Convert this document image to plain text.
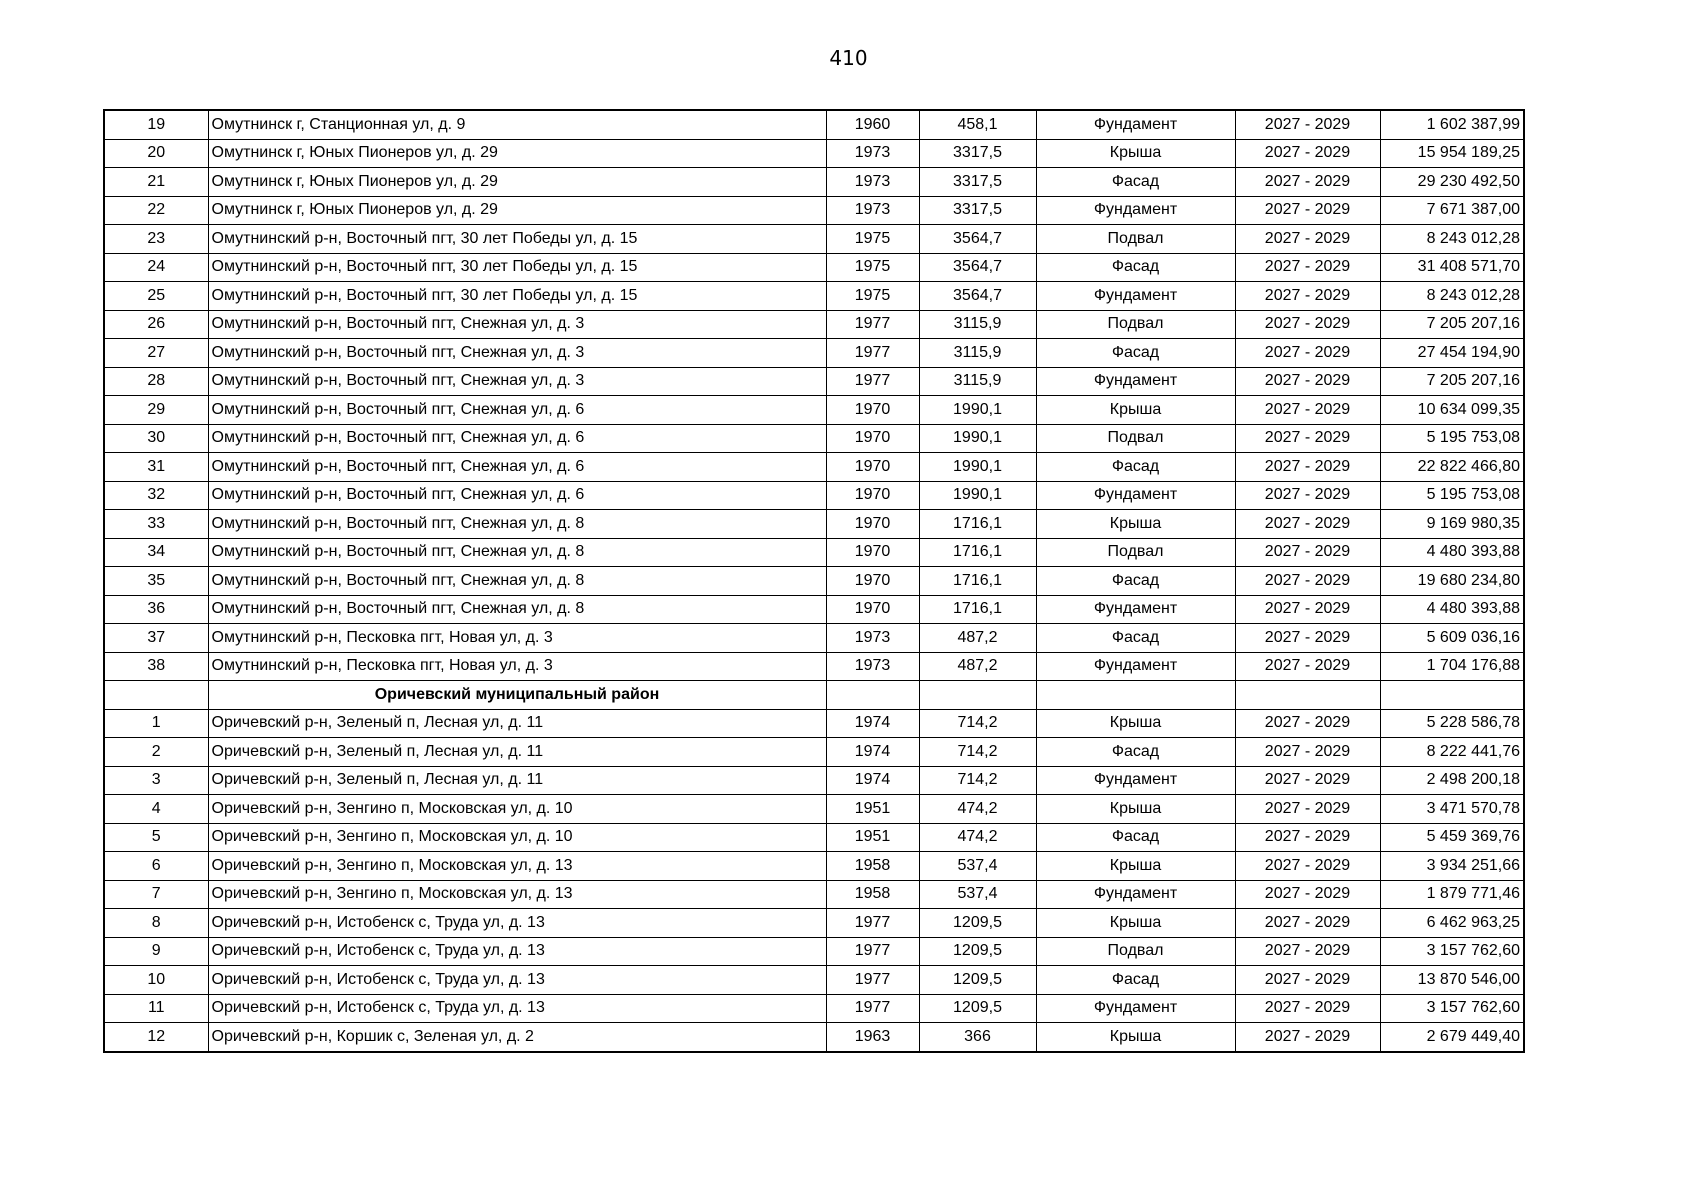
410
19	Омутнинск г, Станционная ул, д. 9	1960	458,1	Фундамент	2027 - 2029	1 602 387,99
20	Омутнинск г, Юных Пионеров ул, д. 29	1973	3317,5	Крыша	2027 - 2029	15 954 189,25
21	Омутнинск г, Юных Пионеров ул, д. 29	1973	3317,5	Фасад	2027 - 2029	29 230 492,50
22	Омутнинск г, Юных Пионеров ул, д. 29	1973	3317,5	Фундамент	2027 - 2029	7 671 387,00
23	Омутнинский р-н, Восточный пгт, 30 лет Победы ул, д. 15	1975	3564,7	Подвал	2027 - 2029	8 243 012,28
24	Омутнинский р-н, Восточный пгт, 30 лет Победы ул, д. 15	1975	3564,7	Фасад	2027 - 2029	31 408 571,70
25	Омутнинский р-н, Восточный пгт, 30 лет Победы ул, д. 15	1975	3564,7	Фундамент	2027 - 2029	8 243 012,28
26	Омутнинский р-н, Восточный пгт, Снежная ул, д. 3	1977	3115,9	Подвал	2027 - 2029	7 205 207,16
27	Омутнинский р-н, Восточный пгт, Снежная ул, д. 3	1977	3115,9	Фасад	2027 - 2029	27 454 194,90
28	Омутнинский р-н, Восточный пгт, Снежная ул, д. 3	1977	3115,9	Фундамент	2027 - 2029	7 205 207,16
29	Омутнинский р-н, Восточный пгт, Снежная ул, д. 6	1970	1990,1	Крыша	2027 - 2029	10 634 099,35
30	Омутнинский р-н, Восточный пгт, Снежная ул, д. 6	1970	1990,1	Подвал	2027 - 2029	5 195 753,08
31	Омутнинский р-н, Восточный пгт, Снежная ул, д. 6	1970	1990,1	Фасад	2027 - 2029	22 822 466,80
32	Омутнинский р-н, Восточный пгт, Снежная ул, д. 6	1970	1990,1	Фундамент	2027 - 2029	5 195 753,08
33	Омутнинский р-н, Восточный пгт, Снежная ул, д. 8	1970	1716,1	Крыша	2027 - 2029	9 169 980,35
34	Омутнинский р-н, Восточный пгт, Снежная ул, д. 8	1970	1716,1	Подвал	2027 - 2029	4 480 393,88
35	Омутнинский р-н, Восточный пгт, Снежная ул, д. 8	1970	1716,1	Фасад	2027 - 2029	19 680 234,80
36	Омутнинский р-н, Восточный пгт, Снежная ул, д. 8	1970	1716,1	Фундамент	2027 - 2029	4 480 393,88
37	Омутнинский р-н, Песковка пгт, Новая ул, д. 3	1973	487,2	Фасад	2027 - 2029	5 609 036,16
38	Омутнинский р-н, Песковка пгт, Новая ул, д. 3	1973	487,2	Фундамент	2027 - 2029	1 704 176,88
	Оричевский муниципальный район					
1	Оричевский р-н, Зеленый п, Лесная ул, д. 11	1974	714,2	Крыша	2027 - 2029	5 228 586,78
2	Оричевский р-н, Зеленый п, Лесная ул, д. 11	1974	714,2	Фасад	2027 - 2029	8 222 441,76
3	Оричевский р-н, Зеленый п, Лесная ул, д. 11	1974	714,2	Фундамент	2027 - 2029	2 498 200,18
4	Оричевский р-н, Зенгино п, Московская ул, д. 10	1951	474,2	Крыша	2027 - 2029	3 471 570,78
5	Оричевский р-н, Зенгино п, Московская ул, д. 10	1951	474,2	Фасад	2027 - 2029	5 459 369,76
6	Оричевский р-н, Зенгино п, Московская ул, д. 13	1958	537,4	Крыша	2027 - 2029	3 934 251,66
7	Оричевский р-н, Зенгино п, Московская ул, д. 13	1958	537,4	Фундамент	2027 - 2029	1 879 771,46
8	Оричевский р-н, Истобенск с, Труда ул, д. 13	1977	1209,5	Крыша	2027 - 2029	6 462 963,25
9	Оричевский р-н, Истобенск с, Труда ул, д. 13	1977	1209,5	Подвал	2027 - 2029	3 157 762,60
10	Оричевский р-н, Истобенск с, Труда ул, д. 13	1977	1209,5	Фасад	2027 - 2029	13 870 546,00
11	Оричевский р-н, Истобенск с, Труда ул, д. 13	1977	1209,5	Фундамент	2027 - 2029	3 157 762,60
12	Оричевский р-н, Коршик с, Зеленая ул, д. 2	1963	366	Крыша	2027 - 2029	2 679 449,40
